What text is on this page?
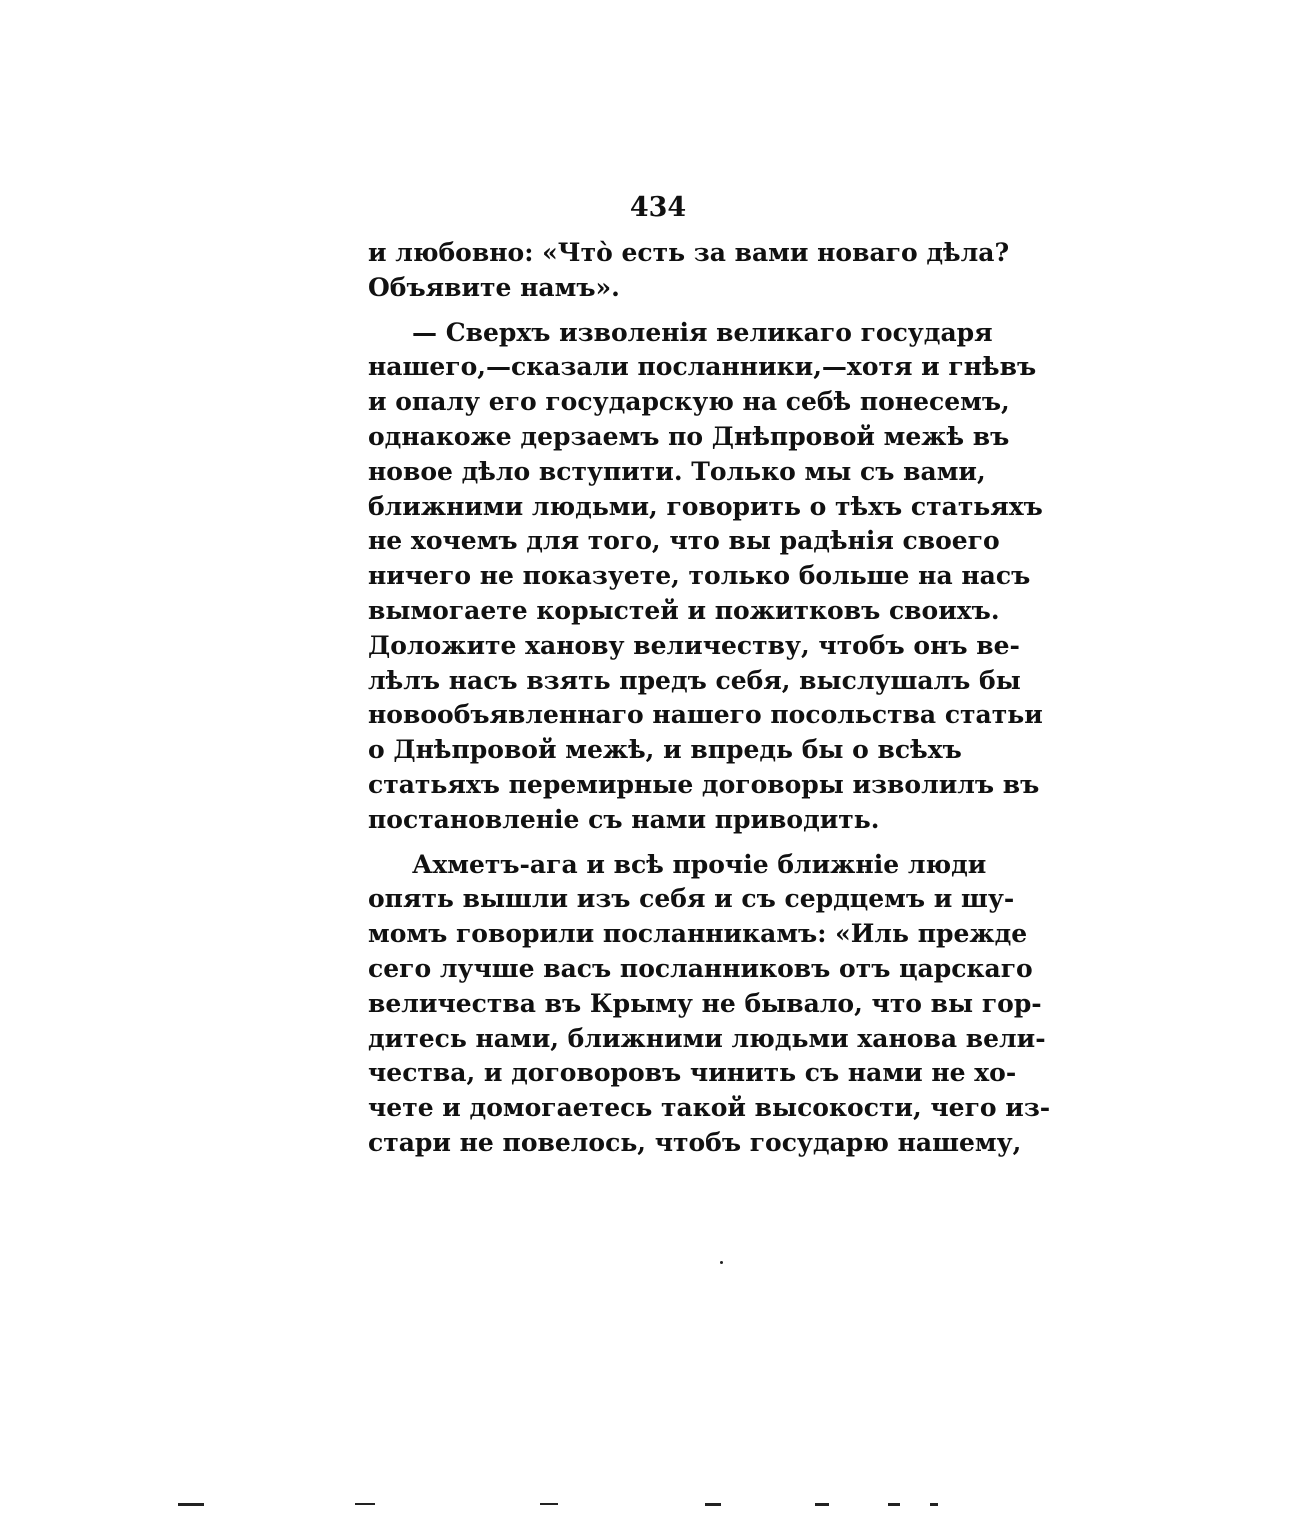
434
и любовно: «Чтò есть за вами новаго дѣла?
Объявите намъ».
— Сверхъ изволенія великаго государя
нашего,—сказали посланники,—хотя и гнѣвъ
и опалу его государскую на себѣ понесемъ,
однакоже дерзаемъ по Днѣпровой межѣ въ
новое дѣло вступити. Только мы съ вами,
ближними людьми, говорить о тѣхъ статьяхъ
не хочемъ для того, что вы радѣнія своего
ничего не показуете, только больше на насъ
вымогаете корыстей и пожитковъ своихъ.
Доложите ханову величеству, чтобъ онъ ве-
лѣлъ насъ взять предъ себя, выслушалъ бы
новообъявленнаго нашего посольства статьи
о Днѣпровой межѣ, и впредь бы о всѣхъ
статьяхъ перемирные договоры изволилъ въ
постановленіе съ нами приводить.
Ахметъ-ага и всѣ прочіе ближніе люди
опять вышли изъ себя и съ сердцемъ и шу-
момъ говорили посланникамъ: «Иль прежде
сего лучше васъ посланниковъ отъ царскаго
величества въ Крыму не бывало, что вы гор-
дитесь нами, ближними людьми ханова вели-
чества, и договоровъ чинить съ нами не хо-
чете и домогаетесь такой высокости, чего из-
стари не повелось, чтобъ государю нашему,
